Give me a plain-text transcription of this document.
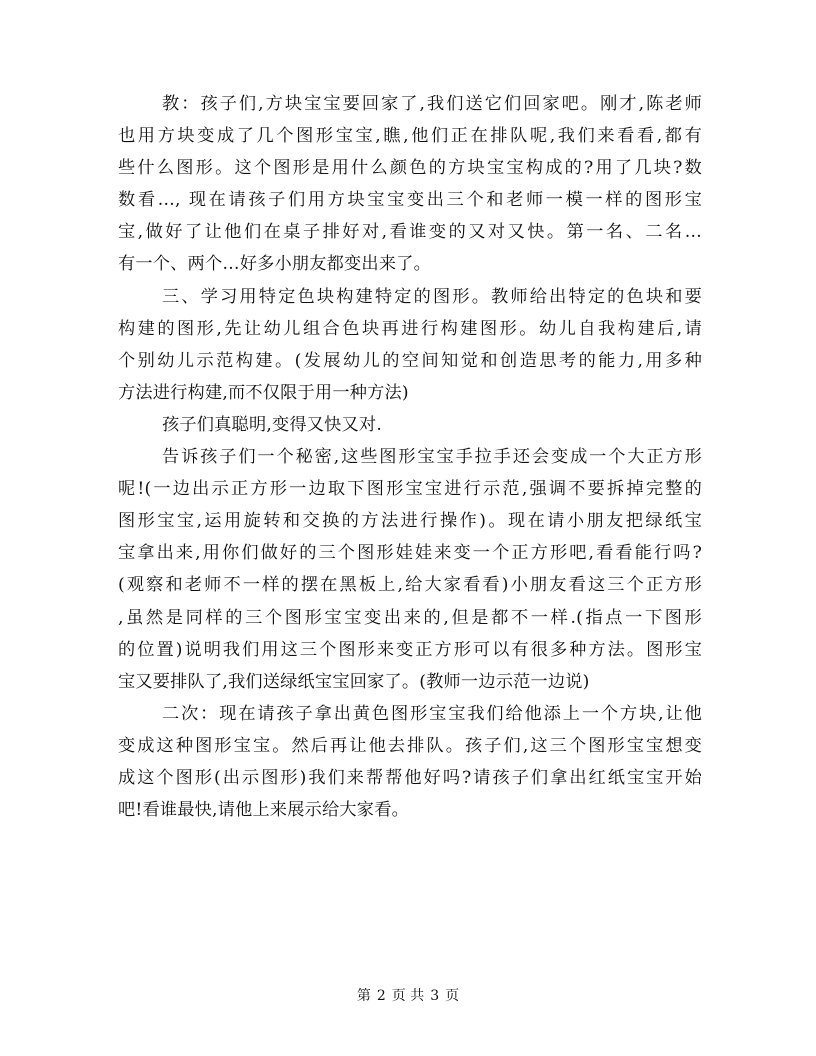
教：孩子们,方块宝宝要回家了,我们送它们回家吧。刚才,陈老师
也用方块变成了几个图形宝宝,瞧,他们正在排队呢,我们来看看,都有
些什么图形。这个图形是用什么颜色的方块宝宝构成的?用了几块?数
数看…, 现在请孩子们用方块宝宝变出三个和老师一模一样的图形宝
宝,做好了让他们在桌子排好对,看谁变的又对又快。第一名、二名…
有一个、两个…好多小朋友都变出来了。
三、学习用特定色块构建特定的图形。教师给出特定的色块和要
构建的图形,先让幼儿组合色块再进行构建图形。幼儿自我构建后,请
个别幼儿示范构建。(发展幼儿的空间知觉和创造思考的能力,用多种
方法进行构建,而不仅限于用一种方法)
孩子们真聪明,变得又快又对.
告诉孩子们一个秘密,这些图形宝宝手拉手还会变成一个大正方形
呢!(一边出示正方形一边取下图形宝宝进行示范,强调不要拆掉完整的
图形宝宝,运用旋转和交换的方法进行操作)。现在请小朋友把绿纸宝
宝拿出来,用你们做好的三个图形娃娃来变一个正方形吧,看看能行吗?
(观察和老师不一样的摆在黑板上,给大家看看)小朋友看这三个正方形
,虽然是同样的三个图形宝宝变出来的,但是都不一样.(指点一下图形
的位置)说明我们用这三个图形来变正方形可以有很多种方法。图形宝
宝又要排队了,我们送绿纸宝宝回家了。(教师一边示范一边说)
二次：现在请孩子拿出黄色图形宝宝我们给他添上一个方块,让他
变成这种图形宝宝。然后再让他去排队。孩子们,这三个图形宝宝想变
成这个图形(出示图形)我们来帮帮他好吗?请孩子们拿出红纸宝宝开始
吧!看谁最快,请他上来展示给大家看。
第 2 页 共 3 页
